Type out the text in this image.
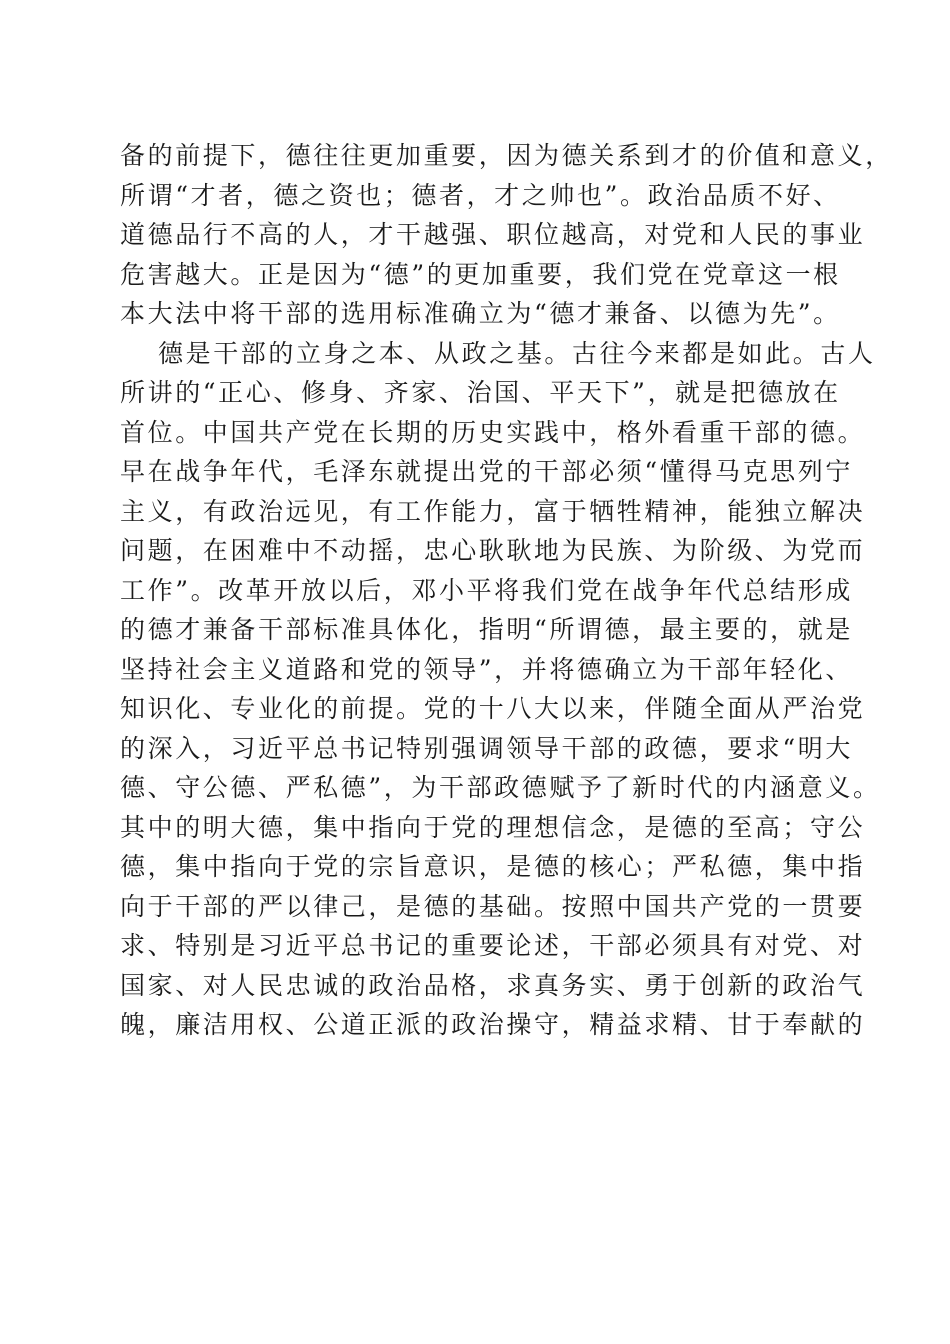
备的前提下，德往往更加重要，因为德关系到才的价值和意义，
所谓“才者，德之资也；德者，才之帅也”。政治品质不好、
道德品行不高的人，才干越强、职位越高，对党和人民的事业
危害越大。正是因为“德”的更加重要，我们党在党章这一根
本大法中将干部的选用标准确立为“德才兼备、以德为先”。
德是干部的立身之本、从政之基。古往今来都是如此。古人
所讲的“正心、修身、齐家、治国、平天下”，就是把德放在
首位。中国共产党在长期的历史实践中，格外看重干部的德。
早在战争年代，毛泽东就提出党的干部必须“懂得马克思列宁
主义，有政治远见，有工作能力，富于牺牲精神，能独立解决
问题，在困难中不动摇，忠心耿耿地为民族、为阶级、为党而
工作”。改革开放以后，邓小平将我们党在战争年代总结形成
的德才兼备干部标准具体化，指明“所谓德，最主要的，就是
坚持社会主义道路和党的领导”，并将德确立为干部年轻化、
知识化、专业化的前提。党的十八大以来，伴随全面从严治党
的深入，习近平总书记特别强调领导干部的政德，要求“明大
德、守公德、严私德”，为干部政德赋予了新时代的内涵意义。
其中的明大德，集中指向于党的理想信念，是德的至高；守公
德，集中指向于党的宗旨意识，是德的核心；严私德，集中指
向于干部的严以律己，是德的基础。按照中国共产党的一贯要
求、特别是习近平总书记的重要论述，干部必须具有对党、对
国家、对人民忠诚的政治品格，求真务实、勇于创新的政治气
魄，廉洁用权、公道正派的政治操守，精益求精、甘于奉献的
